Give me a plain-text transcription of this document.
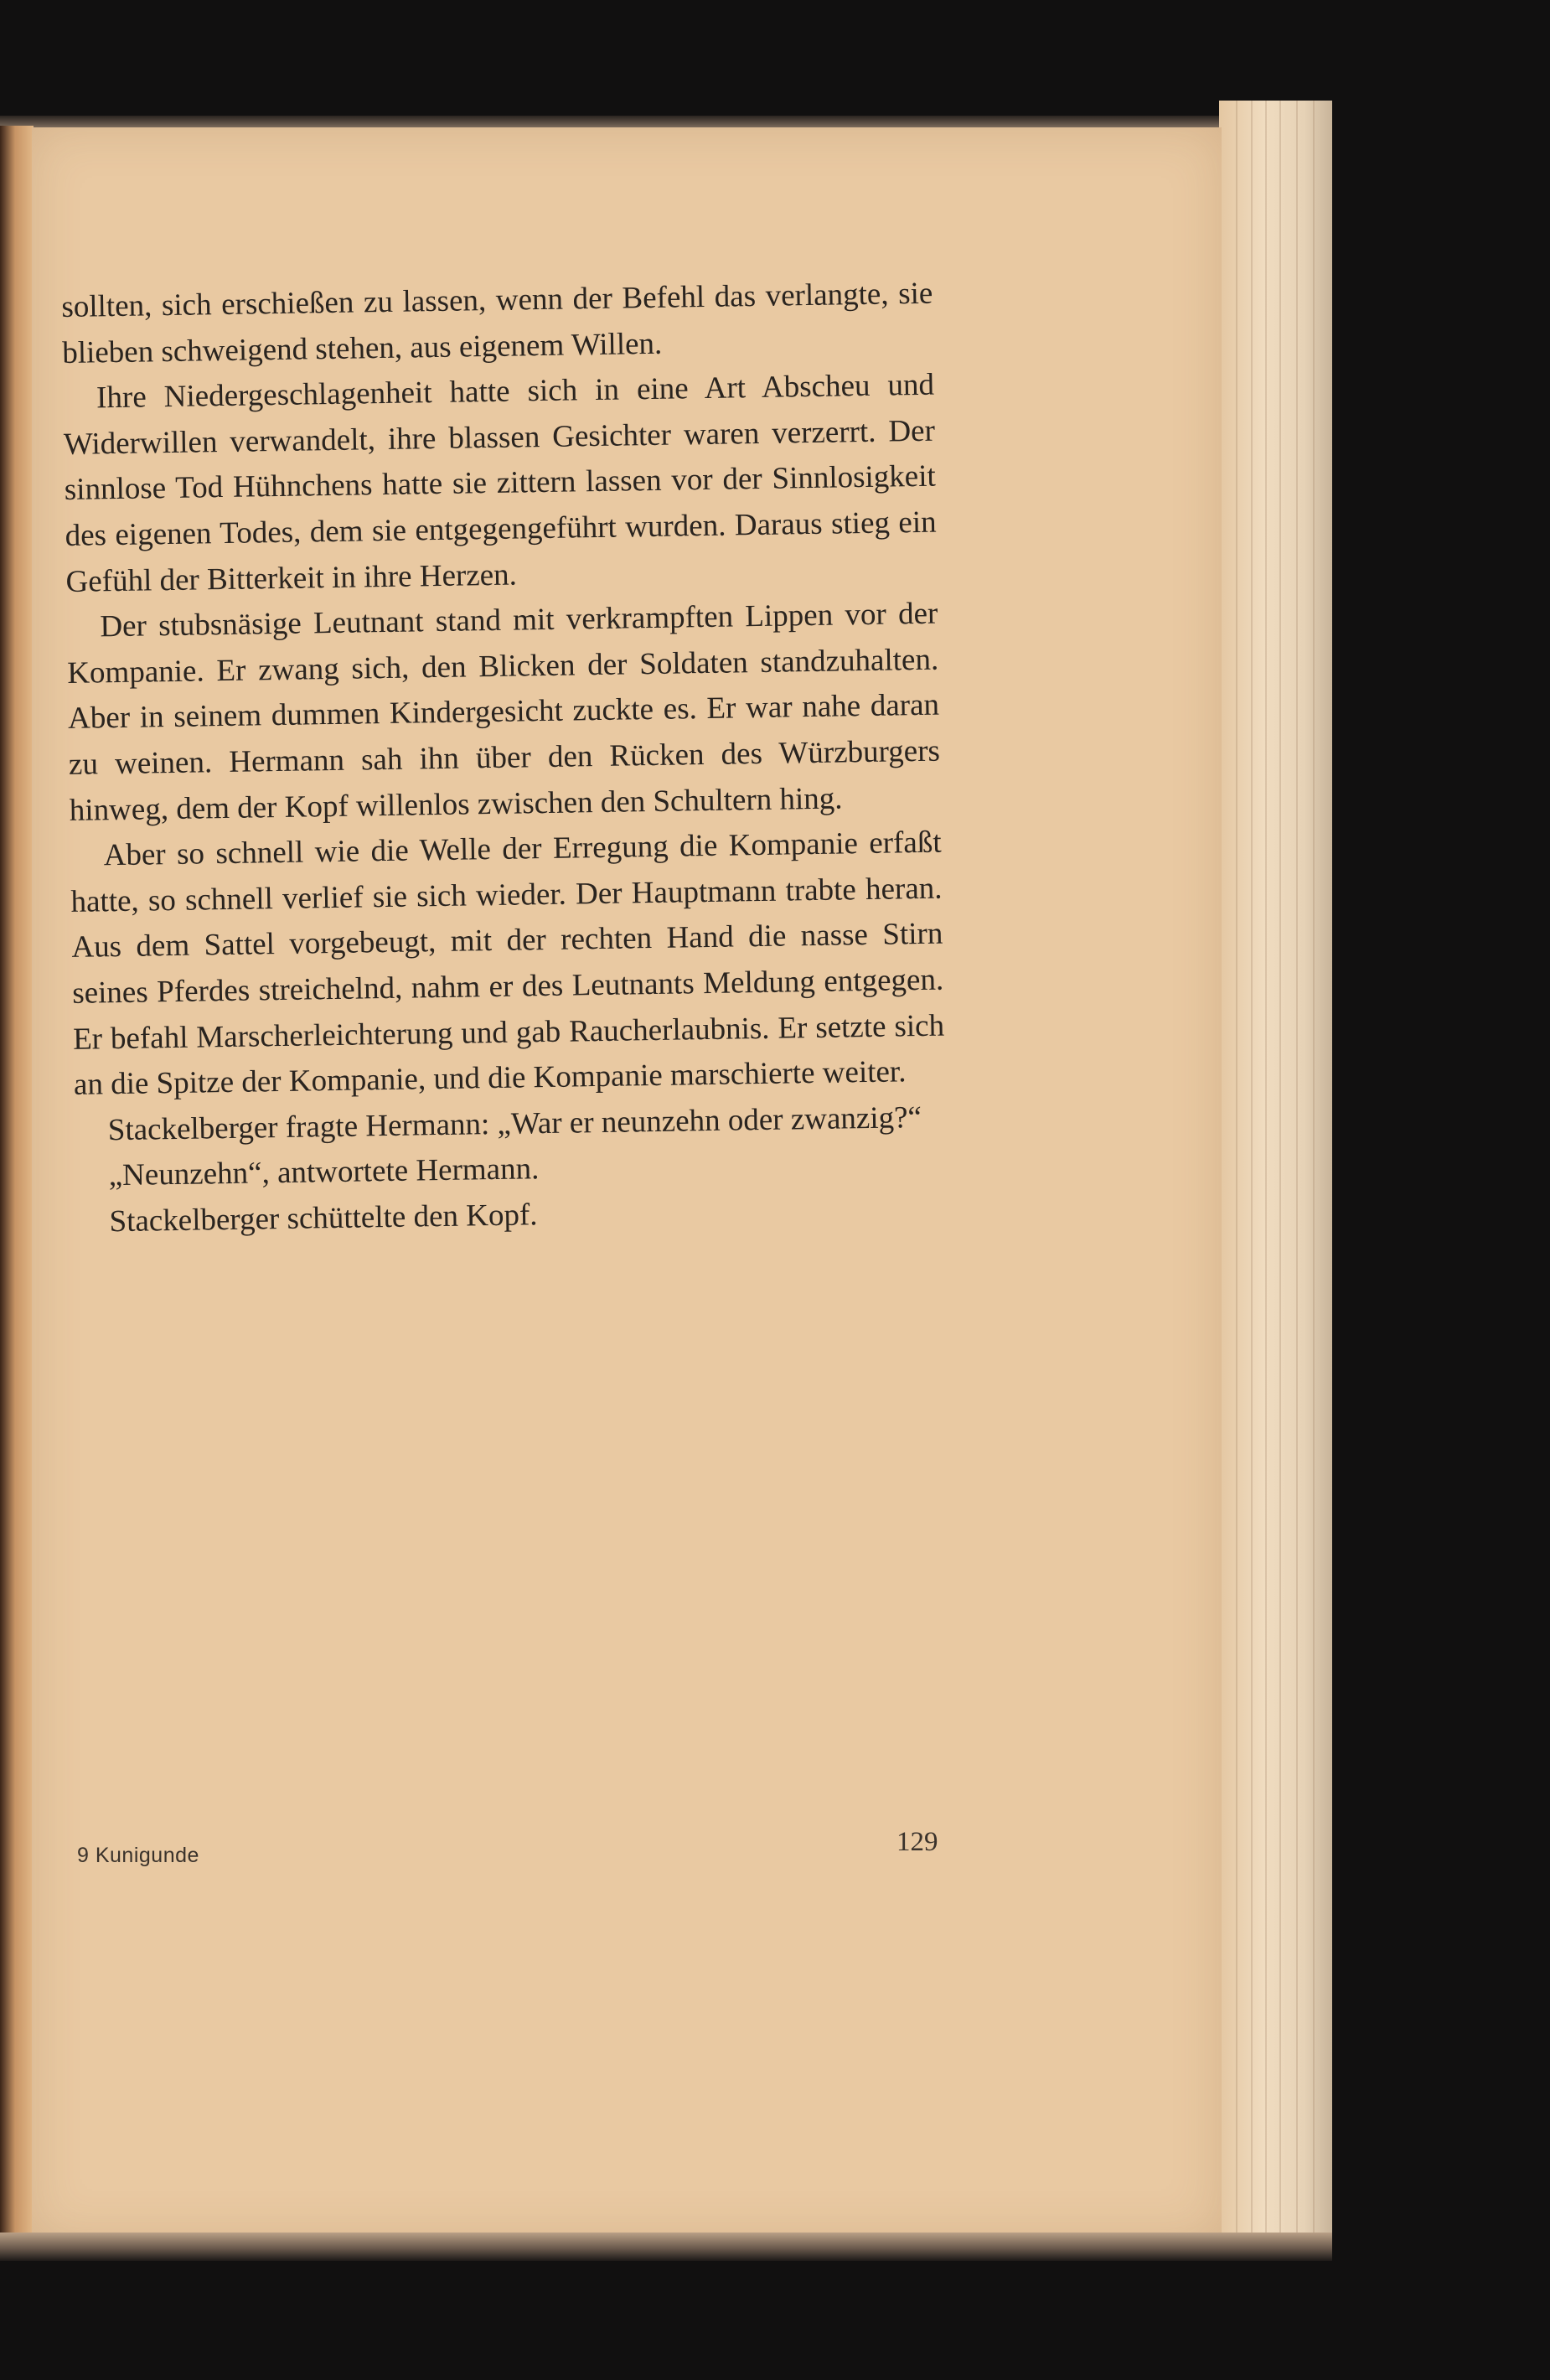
sollten, sich erschießen zu lassen, wenn der Befehl das verlangte, sie blieben schweigend stehen, aus eigenem Willen.

Ihre Niedergeschlagenheit hatte sich in eine Art Abscheu und Widerwillen verwandelt, ihre blassen Gesichter waren verzerrt. Der sinnlose Tod Hühnchens hatte sie zittern lassen vor der Sinnlosigkeit des eigenen Todes, dem sie entgegengeführt wurden. Daraus stieg ein Gefühl der Bitterkeit in ihre Herzen.

Der stubsnäsige Leutnant stand mit verkrampften Lippen vor der Kompanie. Er zwang sich, den Blicken der Soldaten standzuhalten. Aber in seinem dummen Kindergesicht zuckte es. Er war nahe daran zu weinen. Hermann sah ihn über den Rücken des Würzburgers hinweg, dem der Kopf willenlos zwischen den Schultern hing.

Aber so schnell wie die Welle der Erregung die Kompanie erfaßt hatte, so schnell verlief sie sich wieder. Der Hauptmann trabte heran. Aus dem Sattel vorgebeugt, mit der rechten Hand die nasse Stirn seines Pferdes streichelnd, nahm er des Leutnants Meldung entgegen. Er befahl Marscherleichterung und gab Raucherlaubnis. Er setzte sich an die Spitze der Kompanie, und die Kompanie marschierte weiter.

Stackelberger fragte Hermann: „War er neunzehn oder zwanzig?“

„Neunzehn“, antwortete Hermann.

Stackelberger schüttelte den Kopf.

9 Kunigunde	129
